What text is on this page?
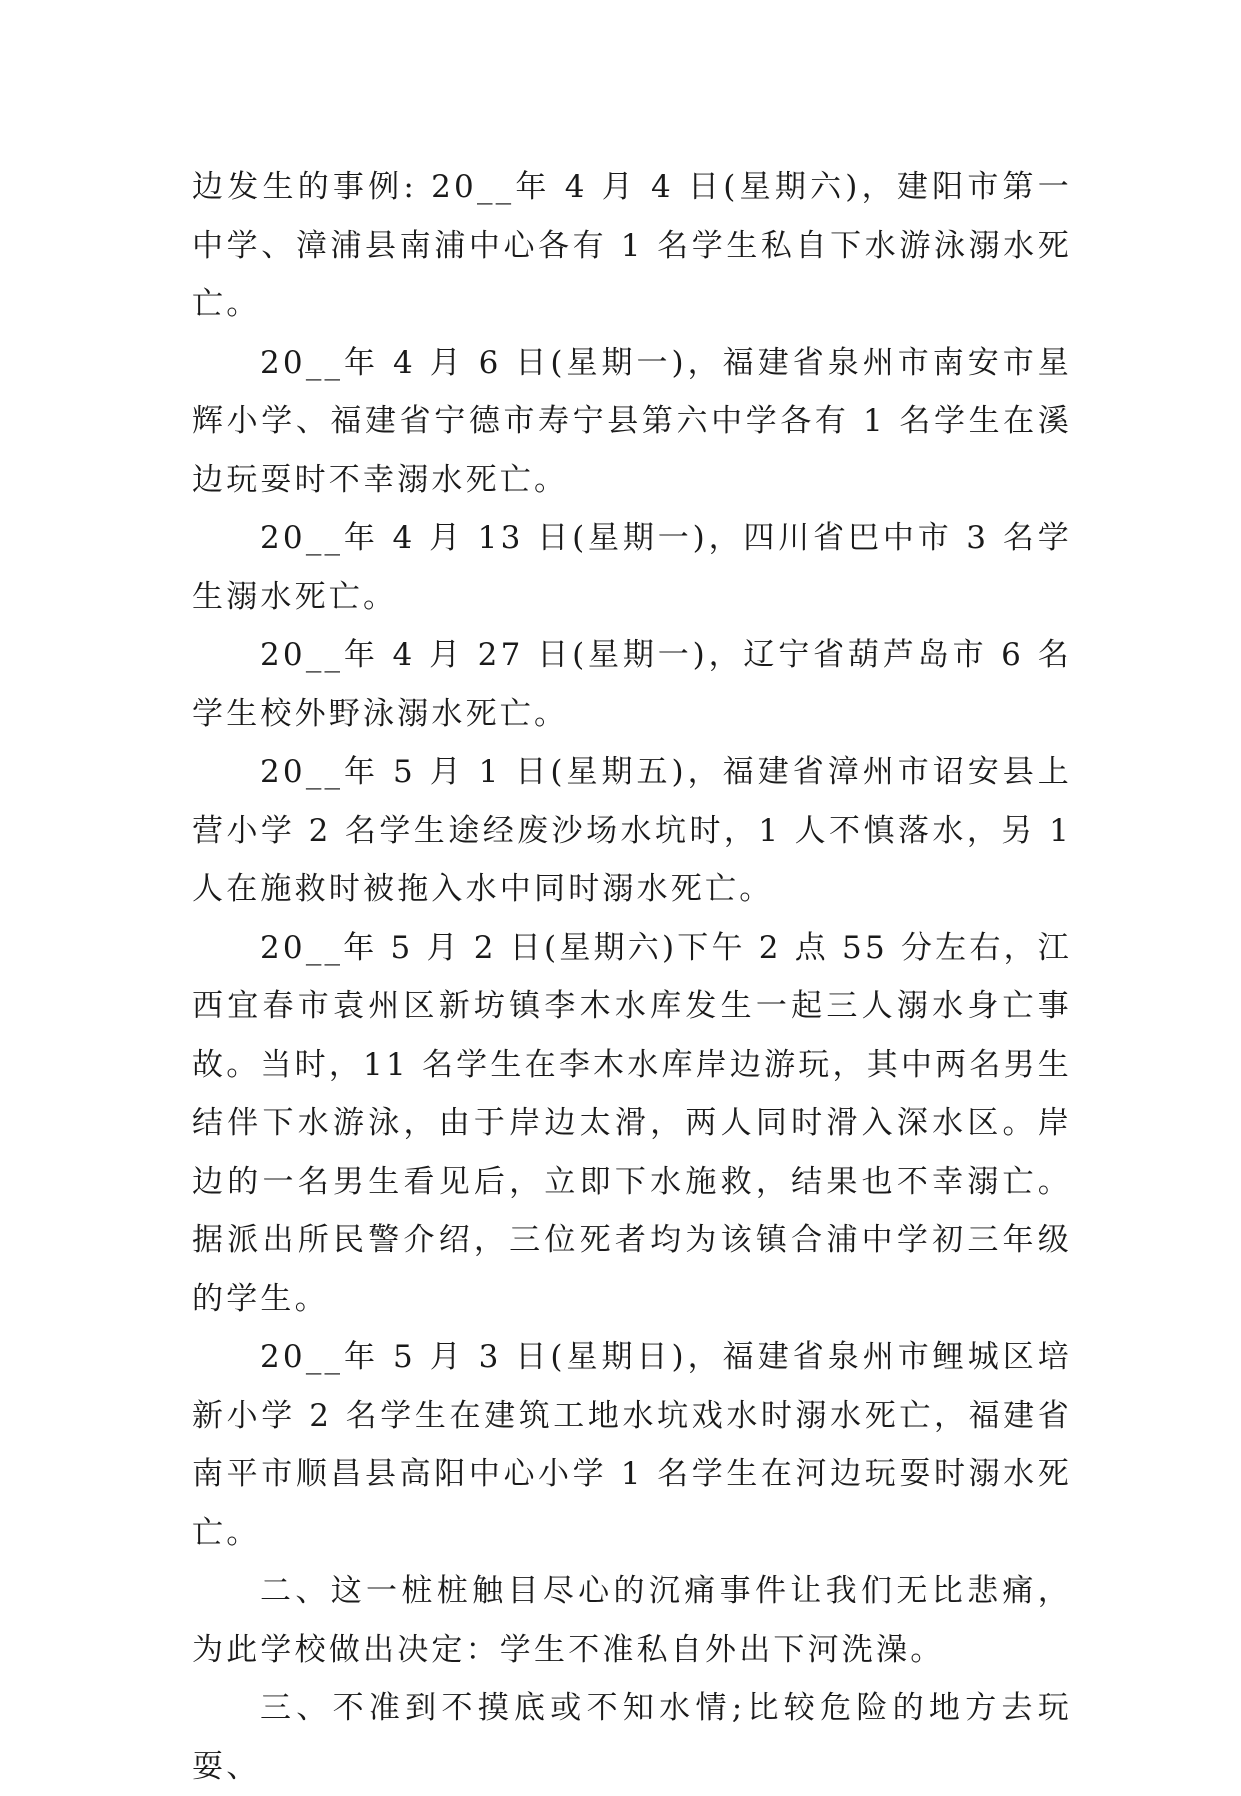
边发生的事例: 20__年 4 月 4 日(星期六)，建阳市第一中学、漳浦县南浦中心各有 1 名学生私自下水游泳溺水死亡。

20__年 4 月 6 日(星期一)，福建省泉州市南安市星辉小学、福建省宁德市寿宁县第六中学各有 1 名学生在溪边玩耍时不幸溺水死亡。

20__年 4 月 13 日(星期一)，四川省巴中市 3 名学生溺水死亡。

20__年 4 月 27 日(星期一)，辽宁省葫芦岛市 6 名学生校外野泳溺水死亡。

20__年 5 月 1 日(星期五)，福建省漳州市诏安县上营小学 2 名学生途经废沙场水坑时，1 人不慎落水，另 1 人在施救时被拖入水中同时溺水死亡。

20__年 5 月 2 日(星期六)下午 2 点 55 分左右，江西宜春市袁州区新坊镇李木水库发生一起三人溺水身亡事故。当时，11 名学生在李木水库岸边游玩，其中两名男生结伴下水游泳，由于岸边太滑，两人同时滑入深水区。岸边的一名男生看见后，立即下水施救，结果也不幸溺亡。据派出所民警介绍，三位死者均为该镇合浦中学初三年级的学生。

20__年 5 月 3 日(星期日)，福建省泉州市鲤城区培新小学 2 名学生在建筑工地水坑戏水时溺水死亡，福建省南平市顺昌县高阳中心小学 1 名学生在河边玩耍时溺水死亡。

二、这一桩桩触目尽心的沉痛事件让我们无比悲痛，为此学校做出决定：学生不准私自外出下河洗澡。

三、不准到不摸底或不知水情;比较危险的地方去玩耍、
